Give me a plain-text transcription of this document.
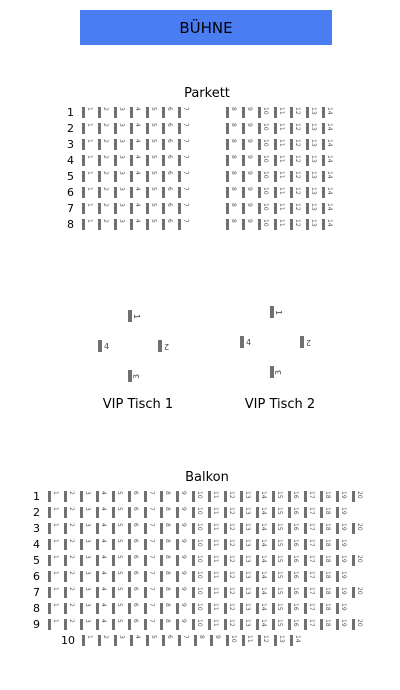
BÜHNE
Parkett
1 1 2 3 4 5 6 7	8 9 10 11 12 13 14
2 1 2 3 4 5 6 7	8 9 10 11 12 13 14
3 1 2 3 4 5 6 7	8 9 10 11 12 13 14
4 1 2 3 4 5 6 7	8 9 10 11 12 13 14
5 1 2 3 4 5 6 7	8 9 10 11 12 13 14
6 1 2 3 4 5 6 7	8 9 10 11 12 13 14
7 1 2 3 4 5 6 7	8 9 10 11 12 13 14
8 1 2 3 4 5 6 7	8 9 10 11 12 13 14
1
2
3
4
VIP Tisch 1
1
2
3
4
VIP Tisch 2
Balkon
1 1 2 3 4 5 6 7 8 9 10 11 12 13 14 15 16 17 18 19 20
2 1 2 3 4 5 6 7 8 9 10 11 12 13 14 15 16 17 18 19
3 1 2 3 4 5 6 7 8 9 10 11 12 13 14 15 16 17 18 19 20
4 1 2 3 4 5 6 7 8 9 10 11 12 13 14 15 16 17 18 19
5 1 2 3 4 5 6 7 8 9 10 11 12 13 14 15 16 17 18 19 20
6 1 2 3 4 5 6 7 8 9 10 11 12 13 14 15 16 17 18 19
7 1 2 3 4 5 6 7 8 9 10 11 12 13 14 15 16 17 18 19 20
8 1 2 3 4 5 6 7 8 9 10 11 12 13 14 15 16 17 18 19
9 1 2 3 4 5 6 7 8 9 10 11 12 13 14 15 16 17 18 19 20
10 1 2 3 4 5 6 7 8 9 10 11 12 13 14
